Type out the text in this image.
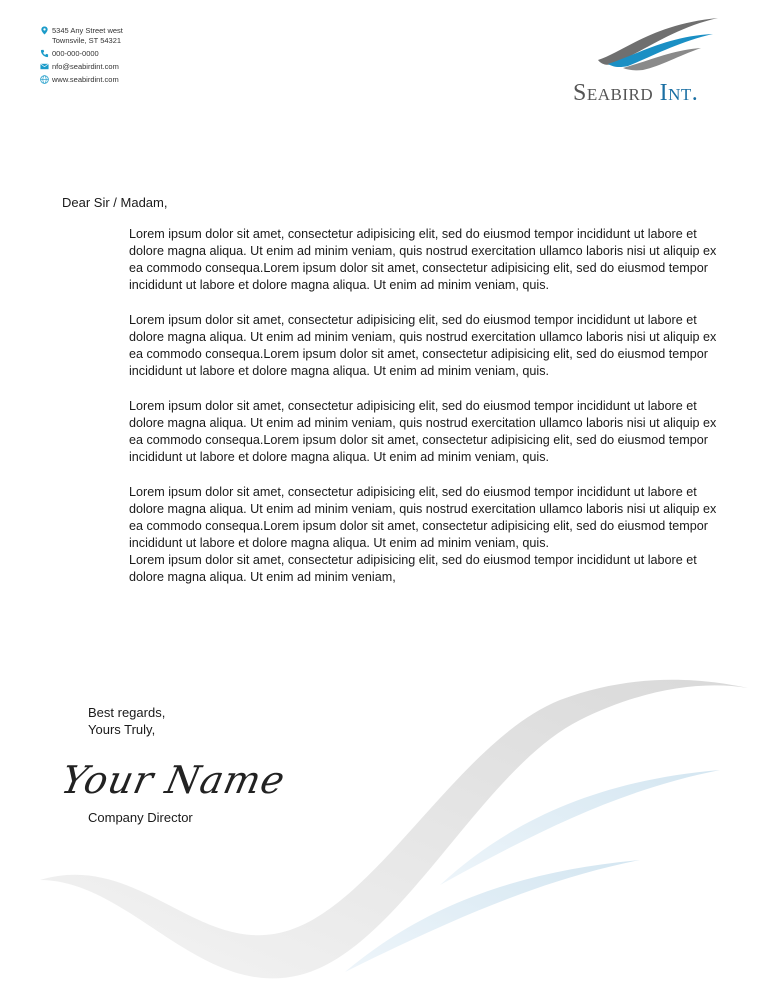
5345 Any Street west
Townsvile, ST 54321
000-000-0000
nfo@seabirdint.com
www.seabirdint.com
Seabird Int.
Dear Sir / Madam,

Lorem ipsum dolor sit amet, consectetur adipisicing elit, sed do eiusmod tempor incididunt ut labore et dolore magna aliqua. Ut enim ad minim veniam, quis nostrud exercitation ullamco laboris nisi ut aliquip ex ea commodo consequa.Lorem ipsum dolor sit amet, consectetur adipisicing elit, sed do eiusmod tempor incididunt ut labore et dolore magna aliqua. Ut enim ad minim veniam, quis.

Lorem ipsum dolor sit amet, consectetur adipisicing elit, sed do eiusmod tempor incididunt ut labore et dolore magna aliqua. Ut enim ad minim veniam, quis nostrud exercitation ullamco laboris nisi ut aliquip ex ea commodo consequa.Lorem ipsum dolor sit amet, consectetur adipisicing elit, sed do eiusmod tempor incididunt ut labore et dolore magna aliqua. Ut enim ad minim veniam, quis.

Lorem ipsum dolor sit amet, consectetur adipisicing elit, sed do eiusmod tempor incididunt ut labore et dolore magna aliqua. Ut enim ad minim veniam, quis nostrud exercitation ullamco laboris nisi ut aliquip ex ea commodo consequa.Lorem ipsum dolor sit amet, consectetur adipisicing elit, sed do eiusmod tempor incididunt ut labore et dolore magna aliqua. Ut enim ad minim veniam, quis.

Lorem ipsum dolor sit amet, consectetur adipisicing elit, sed do eiusmod tempor incididunt ut labore et dolore magna aliqua. Ut enim ad minim veniam, quis nostrud exercitation ullamco laboris nisi ut aliquip ex ea commodo consequa.Lorem ipsum dolor sit amet, consectetur adipisicing elit, sed do eiusmod tempor incididunt ut labore et dolore magna aliqua. Ut enim ad minim veniam, quis.

Lorem ipsum dolor sit amet, consectetur adipisicing elit, sed do eiusmod tempor incididunt ut labore et dolore magna aliqua. Ut enim ad minim veniam,

Best regards,
Yours Truly,
Your Name
Company Director
